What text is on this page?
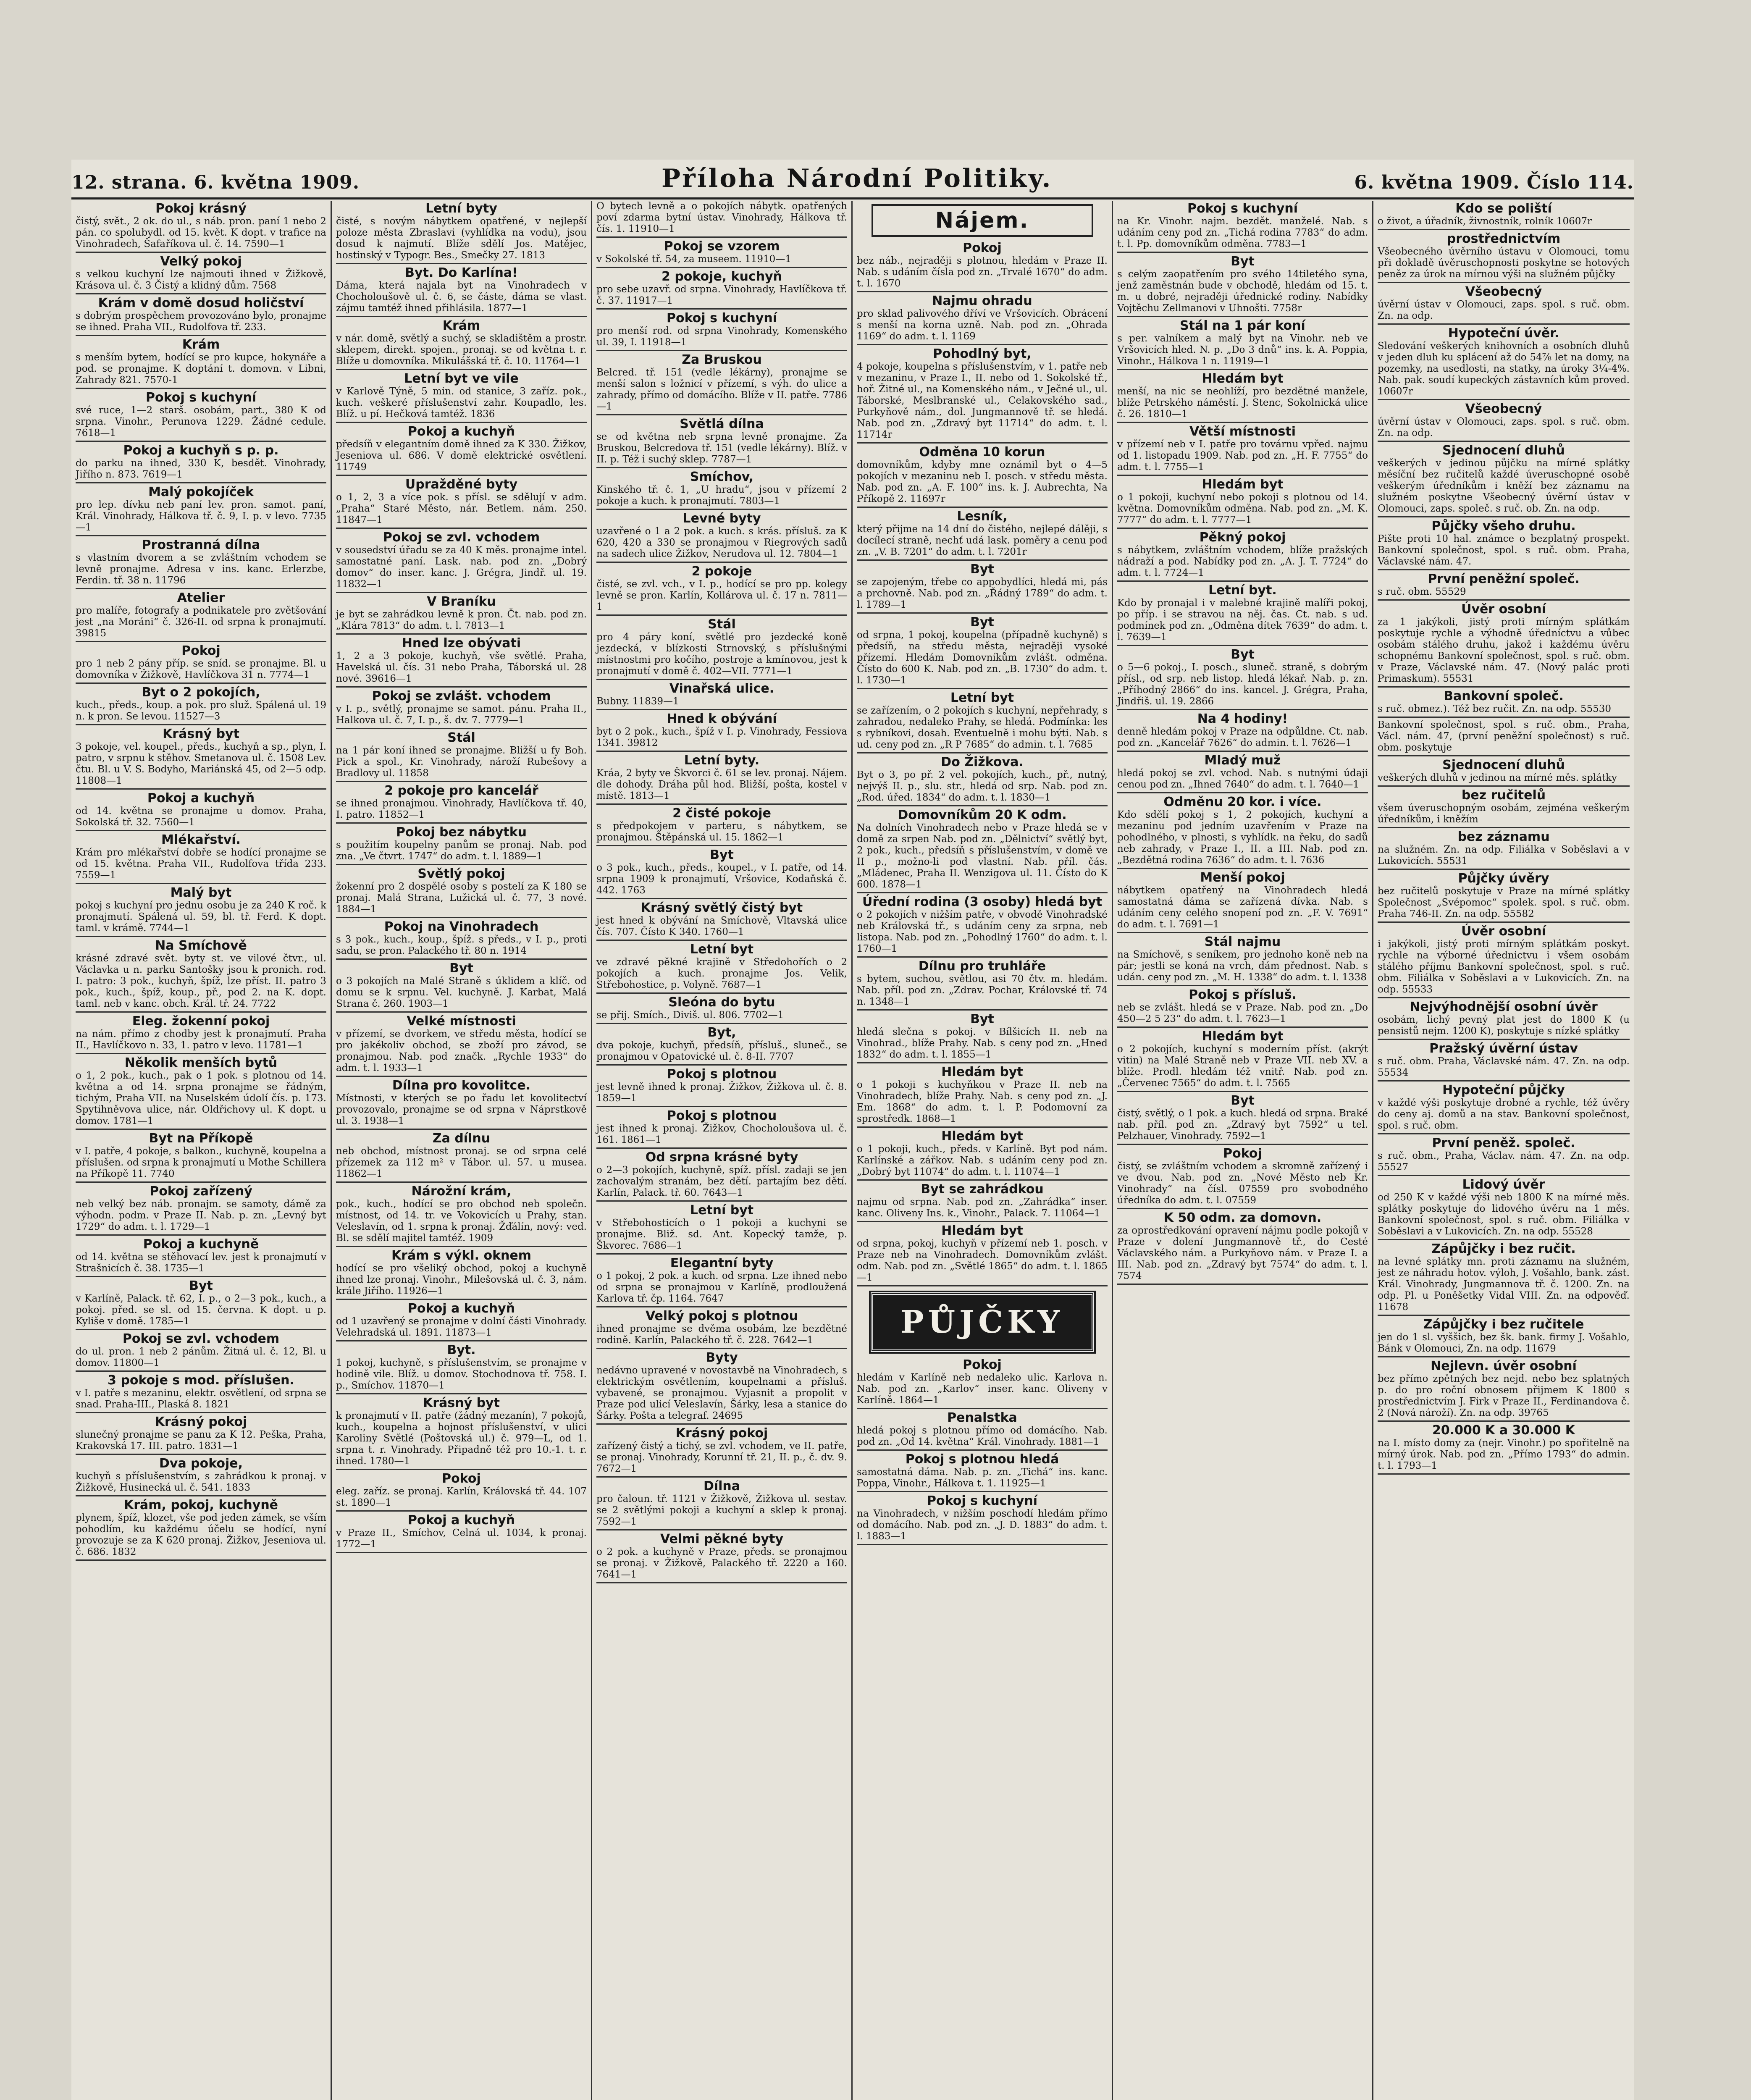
12. strana. 6. května 1909.	Příloha Národní Politiky.	6. května 1909. Číslo 114.
Pokoj krásný

čistý, svět., 2 ok. do ul., s náb. pron. paní 1 nebo 2 pán. co spolubydl. od 15. květ. K dopt. v trafice na Vinohradech, Šafaříkova ul. č. 14. 7590—1

Velký pokoj

s velkou kuchyní lze najmouti ihned v Žižkově, Krásova ul. č. 3 Čistý a klidný dům. 7568

Krám v domě dosud holičství

s dobrým prospěchem provozováno bylo, pronajme se ihned. Praha VII., Rudolfova tř. 233.

Krám

s menším bytem, hodící se pro kupce, hokynáře a pod. se pronajme. K doptání t. domovn. v Libni, Zahrady 821. 7570-1

Pokoj s kuchyní

své ruce, 1—2 starš. osobám, part., 380 K od srpna. Vinohr., Perunova 1229. Žádné cedule. 7618—1

Pokoj a kuchyň s p. p.

do parku na ihned, 330 K, besdět. Vinohrady, Jiřího n. 873. 7619—1

Malý pokojíček

pro lep. dívku neb paní lev. pron. samot. paní, Král. Vinohrady, Hálkova tř. č. 9, I. p. v levo. 7735—1

Prostranná dílna

s vlastním dvorem a se zvláštním vchodem se levně pronajme. Adresa v ins. kanc. Erlerzbe, Ferdin. tř. 38 n. 11796

Atelier

pro malíře, fotografy a podnikatele pro zvětšování jest „na Moráni“ č. 326-II. od srpna k pronajmutí. 39815

Pokoj

pro 1 neb 2 pány příp. se sníd. se pronajme. Bl. u domovníka v Žižkově, Havlíčkova 31 n. 7774—1

Byt o 2 pokojích,

kuch., předs., koup. a pok. pro služ. Spálená ul. 19 n. k pron. Se levou. 11527—3

Krásný byt

3 pokoje, vel. koupel., předs., kuchyň a sp., plyn, I. patro, v srpnu k stěhov. Smetanova ul. č. 1508 Lev. čtu. Bl. u V. S. Bodyho, Mariánská 45, od 2—5 odp. 11808—1

Pokoj a kuchyň

od 14. května se pronajme u domov. Praha, Sokolská tř. 32. 7560—1

Mlékařství.

Krám pro mlékařství dobře se hodící pronajme se od 15. května. Praha VII., Rudolfova třída 233. 7559—1

Malý byt

pokoj s kuchyní pro jednu osobu je za 240 K roč. k pronajmutí. Spálená ul. 59, bl. tř. Ferd. K dopt. taml. v krámě. 7744—1

Na Smíchově

krásné zdravé svět. byty st. ve vilové čtvr., ul. Václavka u n. parku Santošky jsou k pronich. rod. I. patro: 3 pok., kuchyň, špíž, lze příst. II. patro 3 pok., kuch., špíž, koup., př., pod 2. na K. dopt. taml. neb v kanc. obch. Král. tř. 24. 7722

Eleg. žokenní pokoj

na nám. přímo z chodby jest k pronajmutí. Praha II., Havlíčkovo n. 33, 1. patro v levo. 11781—1

Několik menších bytů

o 1, 2 pok., kuch., pak o 1 pok. s plotnou od 14. května a od 14. srpna pronajme se řádným, tichým, Praha VII. na Nuselském údolí čís. p. 173. Spytihněvova ulice, nár. Oldřichovy ul. K dopt. u domov. 1781—1

Byt na Příkopě

v I. patře, 4 pokoje, s balkon., kuchyně, koupelna a příslušen. od srpna k pronajmutí u Mothe Schillera na Příkopě 11. 7740

Pokoj zařízený

neb velký bez náb. pronajm. se samoty, dámě za výhodn. podm. v Praze II. Nab. p. zn. „Levný byt 1729“ do adm. t. l. 1729—1

Pokoj a kuchyně

od 14. května se stěhovací lev. jest k pronajmutí v Strašnicích č. 38. 1735—1

Byt

v Karlíně, Palack. tř. 62, I. p., o 2—3 pok., kuch., a pokoj. před. se sl. od 15. června. K dopt. u p. Kyliše v domě. 1785—1

Pokoj se zvl. vchodem

do ul. pron. 1 neb 2 pánům. Žitná ul. č. 12, Bl. u domov. 11800—1

3 pokoje s mod. příslušen.

v I. patře s mezaninu, elektr. osvětlení, od srpna se snad. Praha-III., Plaská 8. 1821

Krásný pokoj

slunečný pronajme se panu za K 12. Peška, Praha, Krakovská 17. III. patro. 1831—1

Dva pokoje,

kuchyň s příslušenstvím, s zahrádkou k pronaj. v Žižkově, Husinecká ul. č. 541. 1833

Krám, pokoj, kuchyně

plynem, špíž, klozet, vše pod jeden zámek, se vším pohodlím, ku každému účelu se hodící, nyní provozuje se za K 620 pronaj. Žižkov, Jeseniova ul. č. 686. 1832

Letní byty

čisté, s novým nábytkem opatřené, v nejlepší poloze města Zbraslavi (vyhlídka na vodu), jsou dosud k najmutí. Blíže sdělí Jos. Matějec, hostinský v Typogr. Bes., Smečky 27. 1813

Byt. Do Karlína!

Dáma, která najala byt na Vinohradech v Chocholoušově ul. č. 6, se částe, dáma se vlast. zájmu tamtéž ihned přihlásila. 1877—1

Krám

v nár. domě, světlý a suchý, se skladištěm a prostr. sklepem, direkt. spojen., pronaj. se od května t. r. Blíže u domovníka. Mikulášská tř. č. 10. 11764—1

Letní byt ve vile

v Karlově Týně, 5 min. od stanice, 3 zaříz. pok., kuch. veškeré příslušenství zahr. Koupadlo, les. Blíž. u pí. Hečková tamtéž. 1836

Pokoj a kuchyň

předsíň v elegantním domě ihned za K 330. Žižkov, Jeseniova ul. 686. V domě elektrické osvětlení. 11749

Upražděné byty

o 1, 2, 3 a více pok. s přísl. se sdělují v adm. „Praha“ Staré Město, nár. Betlem. nám. 250. 11847—1

Pokoj se zvl. vchodem

v sousedství úřadu se za 40 K měs. pronajme intel. samostatné paní. Lask. nab. pod zn. „Dobrý domov“ do inser. kanc. J. Grégra, Jindř. ul. 19. 11832—1

V Braníku

je byt se zahrádkou levně k pron. Čt. nab. pod zn. „Klára 7813“ do adm. t. l. 7813—1

Hned lze obývati

1, 2 a 3 pokoje, kuchyň, vše světlé. Praha, Havelská ul. čís. 31 nebo Praha, Táborská ul. 28 nové. 39616—1

Pokoj se zvlášt. vchodem

v I. p., světlý, pronajme se samot. pánu. Praha II., Halkova ul. č. 7, I. p., š. dv. 7. 7779—1

Stál

na 1 pár koní ihned se pronajme. Bližší u fy Boh. Pick a spol., Kr. Vinohrady, nároží Rubešovy a Bradlovy ul. 11858

2 pokoje pro kancelář

se ihned pronajmou. Vinohrady, Havlíčkova tř. 40, I. patro. 11852—1

Pokoj bez nábytku

s použitím koupelny panům se pronaj. Nab. pod zna. „Ve čtvrt. 1747“ do adm. t. l. 1889—1

Světlý pokoj

žokenní pro 2 dospělé osoby s postelí za K 180 se pronaj. Malá Strana, Lužická ul. č. 77, 3 nové. 1884—1

Pokoj na Vinohradech

s 3 pok., kuch., koup., špíž. s předs., v I. p., proti sadu, se pron. Palackého tř. 80 n. 1914

Byt

o 3 pokojích na Malé Straně s úklidem a klíč. od domu se k srpnu. Vel. kuchyně. J. Karbat, Malá Strana č. 260. 1903—1

Velké místnosti

v přízemí, se dvorkem, ve středu města, hodící se pro jakékoliv obchod, se zboží pro závod, se pronajmou. Nab. pod značk. „Rychle 1933“ do adm. t. l. 1933—1

Dílna pro kovolitce.

Místnosti, v kterých se po řadu let kovolitectví provozovalo, pronajme se od srpna v Náprstkově ul. 3. 1938—1

Za dílnu

neb obchod, místnost pronaj. se od srpna celé přízemek za 112 m² v Tábor. ul. 57. u musea. 11862—1

Nárožní krám,

pok., kuch., hodící se pro obchod neb společn. místnost, od 14. tr. ve Vokovicích u Prahy, stan. Veleslavín, od 1. srpna k pronaj. Žďálín, nový: ved. Bl. se sdělí majitel tamtéž. 1909

Krám s výkl. oknem

hodící se pro všeliký obchod, pokoj a kuchyně ihned lze pronaj. Vinohr., Milešovská ul. č. 3, nám. krále Jiřího. 11926—1

Pokoj a kuchyň

od 1 uzavřený se pronajme v dolní části Vinohrady. Velehradská ul. 1891. 11873—1

Byt.

1 pokoj, kuchyně, s příslušenstvím, se pronajme v hodině vile. Blíž. u domov. Stochodnova tř. 758. I. p., Smíchov. 11870—1

Krásný byt

k pronajmutí v II. patře (žádný mezanín), 7 pokojů, kuch., koupelna a hojnost příslušenství, v ulici Karoliny Světlé (Poštovská ul.) č. 979—L, od 1. srpna t. r. Vinohrady. Připadně též pro 10.-1. t. r. ihned. 1780—1

Pokoj

eleg. zaříz. se pronaj. Karlín, Královská tř. 44. 107 st. 1890—1

Pokoj a kuchyň

v Praze II., Smíchov, Celná ul. 1034, k pronaj. 1772—1

O bytech levně a o pokojích nábytk. opatřených poví zdarma bytní ústav. Vinohrady, Hálkova tř. čís. 1. 11910—1

Pokoj se vzorem

v Sokolské tř. 54, za museem. 11910—1

2 pokoje, kuchyň

pro sebe uzavř. od srpna. Vinohrady, Havlíčkova tř. č. 37. 11917—1

Pokoj s kuchyní

pro menší rod. od srpna Vinohrady, Komenského ul. 39, I. 11918—1

Za Bruskou

Belcred. tř. 151 (vedle lékárny), pronajme se menší salon s ložnicí v přízemí, s výh. do ulice a zahrady, přímo od domácího. Blíže v II. patře. 7786—1

Světlá dílna

se od května neb srpna levně pronajme. Za Bruskou, Belcredova tř. 151 (vedle lékárny). Blíž. v II. p. Též i suchý sklep. 7787—1

Smíchov,

Kinského tř. č. 1, „U hradu“, jsou v přízemí 2 pokoje a kuch. k pronajmutí. 7803—1

Levné byty

uzavřené o 1 a 2 pok. a kuch. s krás. přísluš. za K 620, 420 a 330 se pronajmou v Riegrových sadů na sadech ulice Žižkov, Nerudova ul. 12. 7804—1

2 pokoje

čisté, se zvl. vch., v I. p., hodící se pro pp. kolegy levně se pron. Karlín, Kollárova ul. č. 17 n. 7811—1

Stál

pro 4 páry koní, světlé pro jezdecké koně jezdecká, v blízkosti Strnovský, s příslušnými místnostmi pro kočího, postroje a kmínovou, jest k pronajmutí v domě č. 402—VII. 7771—1

Vinařská ulice.

Bubny. 11839—1

Hned k obývání

byt o 2 pok., kuch., špíž v I. p. Vinohrady, Fessiova 1341. 39812

Letní byty.

Kráa, 2 byty ve Škvorci č. 61 se lev. pronaj. Nájem. dle dohody. Dráha půl hod. Bližší, pošta, kostel v místě. 1813—1

2 čisté pokoje

s předpokojem v parteru, s nábytkem, se pronajmou. Štěpánská ul. 15. 1862—1

Byt

o 3 pok., kuch., předs., koupel., v I. patře, od 14. srpna 1909 k pronajmutí, Vršovice, Kodaňská č. 442. 1763

Krásný světlý čistý byt

jest hned k obývání na Smíchově, Vltavská ulice čís. 707. Čísto K 340. 1760—1

Letní byt

ve zdravé pěkné krajině v Středohořích o 2 pokojích a kuch. pronajme Jos. Velik, Střebohostice, p. Volyně. 7687—1

Sleóna do bytu

se přij. Smích., Diviš. ul. 806. 7702—1

Byt,

dva pokoje, kuchyň, předsíň, přísluš., sluneč., se pronajmou v Opatovické ul. č. 8-II. 7707

Pokoj s plotnou

jest levně ihned k pronaj. Žižkov, Žižkova ul. č. 8. 1859—1

Pokoj s plotnou

jest ihned k pronaj. Žižkov, Chocholoušova ul. č. 161. 1861—1

Od srpna krásné byty

o 2—3 pokojích, kuchyně, spíž. přísl. zadaji se jen zachovalým stranám, bez dětí. partajím bez dětí. Karlín, Palack. tř. 60. 7643—1

Letní byt

v Střebohosticích o 1 pokoji a kuchyni se pronajme. Bliž. sd. Ant. Kopecký tamže, p. Škvorec. 7686—1

Elegantní byty

o 1 pokoj, 2 pok. a kuch. od srpna. Lze ihned nebo od srpna se pronajmou v Karlíně, prodloužená Karlova tř. čp. 1164. 7647

Velký pokoj s plotnou

ihned pronajme se dvěma osobám, lze bezdětné rodině. Karlín, Palackého tř. č. 228. 7642—1

Byty

nedávno upravené v novostavbě na Vinohradech, s elektrickým osvětlením, koupelnami a přísluš. vybavené, se pronajmou. Vyjasnit a propolit v Praze pod ulicí Veleslavín, Šárky, lesa a stanice do Šárky. Pošta a telegraf. 24695

Krásný pokoj

zařízený čistý a tichý, se zvl. vchodem, ve II. patře, se pronaj. Vinohrady, Korunní tř. 21, II. p., č. dv. 9. 7672—1

Dílna

pro čaloun. tř. 1121 v Žižkově, Žižkova ul. sestav. se 2 světlými pokoji a kuchyní a sklep k pronaj. 7592—1

Velmi pěkné byty

o 2 pok. a kuchyně v Praze, předs. se pronajmou se pronaj. v Žižkově, Palackého tř. 2220 a 160. 7641—1

Nájem.
Pokoj

bez náb., nejraději s plotnou, hledám v Praze II. Nab. s udáním čísla pod zn. „Trvalé 1670“ do adm. t. l. 1670

Najmu ohradu

pro sklad palivového dříví ve Vršovicích. Obrácení s menší na korna uzně. Nab. pod zn. „Ohrada 1169“ do adm. t. l. 1169

Pohodlný byt,

4 pokoje, koupelna s příslušenstvím, v 1. patře neb v mezaninu, v Praze I., II. nebo od 1. Sokolské tř., hoř. Žitné ul., na Komenského nám., v Ječné ul., ul. Táborské, Meslbranské ul., Celakovského sad., Purkyňově nám., dol. Jungmannově tř. se hledá. Nab. pod zn. „Zdravý byt 11714“ do adm. t. l. 11714r

Odměna 10 korun

domovníkům, kdyby mne oznámil byt o 4—5 pokojích v mezaninu neb I. posch. v středu města. Nab. pod zn. „A. F. 100“ ins. k. J. Aubrechta, Na Příkopě 2. 11697r

Lesník,

který přijme na 14 dní do čistého, nejlepé dálěji, s docílecí straně, nechť udá lask. poměry a cenu pod zn. „V. B. 7201“ do adm. t. l. 7201r

Byt

se zapojeným, třebe co appobydlíci, hledá mi, pás a prchovně. Nab. pod zn. „Řádný 1789“ do adm. t. l. 1789—1

Byt

od srpna, 1 pokoj, koupelna (případně kuchyně) s předsíň, na středu města, nejraději vysoké přízemí. Hledám Domovníkům zvlášt. odměna. Čísto do 600 K. Nab. pod zn. „B. 1730“ do adm. t. l. 1730—1

Letní byt

se zařízením, o 2 pokojích s kuchyní, nepřehrady, s zahradou, nedaleko Prahy, se hledá. Podmínka: les s rybníkovi, dosah. Eventuelně i mohu býti. Nab. s ud. ceny pod zn. „R P 7685“ do admin. t. l. 7685

Do Žižkova.

Byt o 3, po př. 2 vel. pokojích, kuch., př., nutný, nejvýš II. p., slu. str., hledá od srp. Nab. pod zn. „Rod. úřed. 1834“ do adm. t. l. 1830—1

Domovníkům 20 K odm.

Na dolních Vinohradech nebo v Praze hledá se v domě za srpen Nab. pod zn. „Dělnictví“ světlý byt, 2 pok., kuch., předsíň s příslušenstvím, v domě ve II p., možno-li pod vlastní. Nab. příl. čás. „Mládenec, Praha II. Wenzigova ul. 11. Čísto do K 600. 1878—1

Úřední rodina (3 osoby) hledá byt

o 2 pokojích v nižším patře, v obvodě Vinohradské neb Královská tř., s udáním ceny za srpna, neb listopa. Nab. pod zn. „Pohodlný 1760“ do adm. t. l. 1760—1

Dílnu pro truhláře

s bytem, suchou, světlou, asi 70 čtv. m. hledám. Nab. příl. pod zn. „Zdrav. Pochar, Královské tř. 74 n. 1348—1

Byt

hledá slečna s pokoj. v Bílšicích II. neb na Vinohrad., blíže Prahy. Nab. s ceny pod zn. „Hned 1832“ do adm. t. l. 1855—1

Hledám byt

o 1 pokoji s kuchyňkou v Praze II. neb na Vinohradech, blíže Prahy. Nab. s ceny pod zn. „J. Em. 1868“ do adm. t. l. P. Podomovní za sprostředk. 1868—1

Hledám byt

o 1 pokoji, kuch., předs. v Karlíně. Byt pod nám. Karlínské a zářkov. Nab. s udáním ceny pod zn. „Dobrý byt 11074“ do adm. t. l. 11074—1

Byt se zahrádkou

najmu od srpna. Nab. pod zn. „Zahrádka“ inser. kanc. Oliveny Ins. k., Vinohr., Palack. 7. 11064—1

Hledám byt

od srpna, pokoj, kuchyň v přízemí neb 1. posch. v Praze neb na Vinohradech. Domovníkům zvlášt. odm. Nab. pod zn. „Světlé 1865“ do adm. t. l. 1865—1

PŮJČKY
Pokoj

hledám v Karlíně neb nedaleko ulic. Karlova n. Nab. pod zn. „Karlov“ inser. kanc. Oliveny v Karlíně. 1864—1

Penalstka

hledá pokoj s plotnou přímo od domácího. Nab. pod zn. „Od 14. května“ Král. Vinohrady. 1881—1

Pokoj s plotnou hledá

samostatná dáma. Nab. p. zn. „Tichá“ ins. kanc. Poppa, Vinohr., Hálkova t. 1. 11925—1

Pokoj s kuchyní

na Vinohradech, v nižším poschodí hledám přímo od domácího. Nab. pod zn. „J. D. 1883“ do adm. t. l. 1883—1

Pokoj s kuchyní

na Kr. Vinohr. najm. bezdět. manželé. Nab. s udáním ceny pod zn. „Tichá rodina 7783“ do adm. t. l. Pp. domovníkům odměna. 7783—1

Byt

s celým zaopatřením pro svého 14tiletého syna, jenž zaměstnán bude v obchodě, hledám od 15. t. m. u dobré, nejraději úřednické rodiny. Nabídky Vojtěchu Zellmanovi v Uhnošti. 7758r

Stál na 1 pár koní

s per. valníkem a malý byt na Vinohr. neb ve Vršovicích hled. N. p. „Do 3 dnů“ ins. k. A. Poppia, Vinohr., Hálkova 1 n. 11919—1

Hledám byt

menší, na nic se neohlíží, pro bezdětné manžele, blíže Petrského náměstí. J. Stenc, Sokolnická ulice č. 26. 1810—1

Větší místnosti

v přízemí neb v I. patře pro továrnu vpřed. najmu od 1. listopadu 1909. Nab. pod zn. „H. F. 7755“ do adm. t. l. 7755—1

Hledám byt

o 1 pokoji, kuchyní nebo pokoji s plotnou od 14. května. Domovníkům odměna. Nab. pod zn. „M. K. 7777“ do adm. t. l. 7777—1

Pěkný pokoj

s nábytkem, zvláštním vchodem, blíže pražských nádraží a pod. Nabídky pod zn. „A. J. T. 7724“ do adm. t. l. 7724—1

Letní byt.

Kdo by pronajal i v malebné krajině malíři pokoj, po příp. i se stravou na něj. čas. Ct. nab. s ud. podmínek pod zn. „Odměna dítek 7639“ do adm. t. l. 7639—1

Byt

o 5—6 pokoj., I. posch., sluneč. straně, s dobrým přísl., od srp. neb listop. hledá lékař. Nab. p. zn. „Příhodný 2866“ do ins. kancel. J. Grégra, Praha, Jindřiš. ul. 19. 2866

Na 4 hodiny!

denně hledám pokoj v Praze na odpůldne. Ct. nab. pod zn. „Kancelář 7626“ do admin. t. l. 7626—1

Mladý muž

hledá pokoj se zvl. vchod. Nab. s nutnými údaji cenou pod zn. „Ihned 7640“ do adm. t. l. 7640—1

Odměnu 20 kor. i více.

Kdo sdělí pokoj s 1, 2 pokojích, kuchyní a mezaninu pod jedním uzavřením v Praze na pohodlného, v plnosti, s vyhlídk. na řeku, do sadů neb zahrady, v Praze I., II. a III. Nab. pod zn. „Bezdětná rodina 7636“ do adm. t. l. 7636

Menší pokoj

nábytkem opatřený na Vinohradech hledá samostatná dáma se zařízená dívka. Nab. s udáním ceny celého snopení pod zn. „F. V. 7691“ do adm. t. l. 7691—1

Stál najmu

na Smíchově, s seníkem, pro jednoho koně neb na pár; jestli se koná na vrch, dám přednost. Nab. s udán. ceny pod zn. „M. H. 1338“ do adm. t. l. 1338

Pokoj s přísluš.

neb se zvlášt. hledá se v Praze. Nab. pod zn. „Do 450—2 5 23“ do adm. t. l. 7623—1

Hledám byt

o 2 pokojích, kuchyní s moderním příst. (akrýt vitin) na Malé Straně neb v Praze VII. neb XV. a blíže. Prodl. hledám též vnitř. Nab. pod zn. „Červenec 7565“ do adm. t. l. 7565

Byt

čistý, světlý, o 1 pok. a kuch. hledá od srpna. Braké nab. příl. pod zn. „Zdravý byt 7592“ u tel. Pelzhauer, Vinohrady. 7592—1

Pokoj

čistý, se zvláštním vchodem a skromně zařízený i ve dvou. Nab. pod zn. „Nové Město neb Kr. Vinohrady“ na čísl. 07559 pro svobodného úředníka do adm. t. l. 07559

K 50 odm. za domovn.

za oprostředkování opravení nájmu podle pokojů v Praze v dolení Jungmannově tř., do Cesté Václavského nám. a Purkyňovo nám. v Praze I. a III. Nab. pod zn. „Zdravý byt 7574“ do adm. t. l. 7574

Kdo se poliští

o život, a úřadník, živnostník, rolník 10607r

prostřednictvím

Všeobecného úvěrního ústavu v Olomouci, tomu při dokladě úvěruschopnosti poskytne se hotových peněz za úrok na mírnou výši na služném půjčky

Všeobecný

úvěrní ústav v Olomouci, zaps. spol. s ruč. obm. Zn. na odp.

Hypoteční úvěr.

Sledování veškerých knihovních a osobních dluhů v jeden dluh ku splácení až do 54⅞ let na domy, na pozemky, na usedlosti, na statky, na úroky 3¼-4%. Nab. pak. soudí kupeckých zástavních kům proved. 10607r

Všeobecný

úvěrní ústav v Olomouci, zaps. spol. s ruč. obm. Zn. na odp.

Sjednocení dluhů

veškerých v jedinou půjčku na mírné splátky měsíční bez ručitelů každé úveruschopné osobě veškerým úředníkům i kněží bez záznamu na služném poskytne Všeobecný úvěrní ústav v Olomouci, zaps. společ. s ruč. ob. Zn. na odp.

Půjčky všeho druhu.

Pište proti 10 hal. známce o bezplatný prospekt. Bankovní společnost, spol. s ruč. obm. Praha, Václavské nám. 47.

První peněžní společ.

s ruč. obm. 55529

Úvěr osobní

za 1 jakýkoli, jistý proti mírným splátkám poskytuje rychle a výhodně úředníctvu a vůbec osobám stálého druhu, jakož i každému úvěru schopnému Bankovní společnost, spol. s ruč. obm. v Praze, Václavské nám. 47. (Nový palác proti Primaskum). 55531

Bankovní společ.

s ruč. obmez.). Též bez ručit. Zn. na odp. 55530

Bankovní společnost, spol. s ruč. obm., Praha, Václ. nám. 47, (první peněžní společnost) s ruč. obm. poskytuje

Sjednocení dluhů

veškerých dluhů v jedinou na mírné měs. splátky

bez ručitelů

všem úveruschopným osobám, zejména veškerým úředníkům, i kněžím

bez záznamu

na služném. Zn. na odp. Filiálka v Soběslavi a v Lukovicích. 55531

Půjčky úvěry

bez ručitelů poskytuje v Praze na mírné splátky Společnost „Svépomoc“ spolek. spol. s ruč. obm. Praha 746-II. Zn. na odp. 55582

Úvěr osobní

i jakýkoli, jistý proti mírným splátkám poskyt. rychle na výborné úřednictvu i všem osobám stálého příjmu Bankovní společnost, spol. s ruč. obm. Filiálka v Soběslavi a v Lukovicích. Zn. na odp. 55533

Nejvýhodnější osobní úvěr

osobám, lichý pevný plat jest do 1800 K (u pensistů nejm. 1200 K), poskytuje s nízké splátky

Pražský úvěrní ústav

s ruč. obm. Praha, Václavské nám. 47. Zn. na odp. 55534

Hypoteční půjčky

v každé výši poskytuje drobné a rychle, též úvěry do ceny aj. domů a na stav. Bankovní společnost, spol. s ruč. obm.

První peněž. společ.

s ruč. obm., Praha, Václav. nám. 47. Zn. na odp. 55527

Lidový úvěr

od 250 K v každé výši neb 1800 K na mírné měs. splátky poskytuje do lidového úvěru na 1 měs. Bankovní společnost, spol. s ruč. obm. Filiálka v Soběslavi a v Lukovicích. Zn. na odp. 55528

Zápůjčky i bez ručit.

na levné splátky mn. proti záznamu na služném, jest ze náhradu hotov. výloh, J. Vošahlo, bank. zást. Král. Vinohrady, Jungmannova tř. č. 1200. Zn. na odp. Pl. u Poněšetky Vidal VIII. Zn. na odpověď. 11678

Zápůjčky i bez ručitele

jen do 1 sl. vyššich, bez šk. bank. firmy J. Vošahlo, Bánk v Olomouci, Zn. na odp. 11679

Nejlevn. úvěr osobní

bez přímo zpětných bez nejd. nebo bez splatných p. do pro roční obnosem přijmem K 1800 s prostřednictvím J. Firk v Praze II., Ferdinandova č. 2 (Nová nároží). Zn. na odp. 39765

20.000 K a 30.000 K

na I. místo domy za (nejr. Vinohr.) po spořitelně na mírný úrok. Nab. pod zn. „Přímo 1793“ do admin. t. l. 1793—1
